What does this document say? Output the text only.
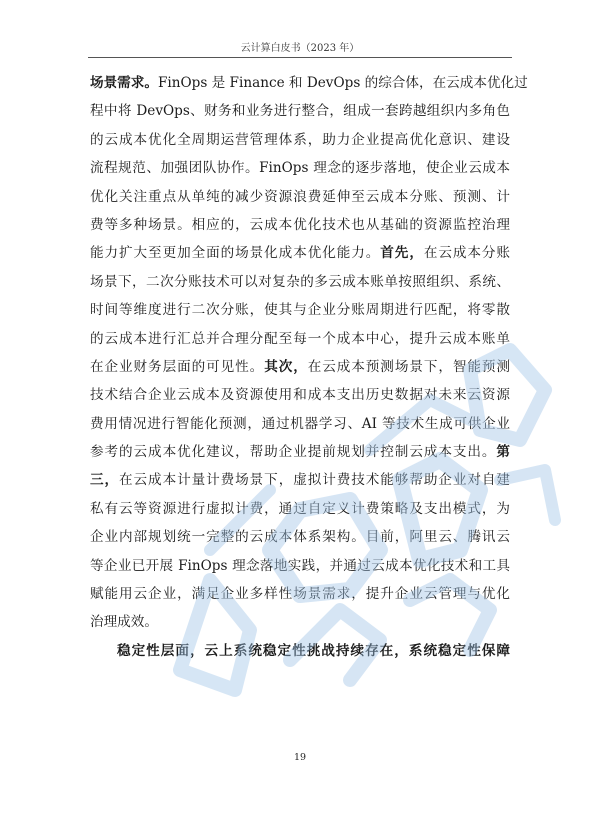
云计算白皮书（2023 年）
场景需求。FinOps 是 Finance 和 DevOps 的综合体，在云成本优化过
程中将 DevOps、财务和业务进行整合，组成一套跨越组织内多角色
的云成本优化全周期运营管理体系，助力企业提高优化意识、建设
流程规范、加强团队协作。FinOps 理念的逐步落地，使企业云成本
优化关注重点从单纯的减少资源浪费延伸至云成本分账、预测、计
费等多种场景。相应的，云成本优化技术也从基础的资源监控治理
能力扩大至更加全面的场景化成本优化能力。首先，在云成本分账
场景下，二次分账技术可以对复杂的多云成本账单按照组织、系统、
时间等维度进行二次分账，使其与企业分账周期进行匹配，将零散
的云成本进行汇总并合理分配至每一个成本中心，提升云成本账单
在企业财务层面的可见性。其次，在云成本预测场景下，智能预测
技术结合企业云成本及资源使用和成本支出历史数据对未来云资源
费用情况进行智能化预测，通过机器学习、AI 等技术生成可供企业
参考的云成本优化建议，帮助企业提前规划并控制云成本支出。第
三，在云成本计量计费场景下，虚拟计费技术能够帮助企业对自建
私有云等资源进行虚拟计费，通过自定义计费策略及支出模式，为
企业内部规划统一完整的云成本体系架构。目前，阿里云、腾讯云
等企业已开展 FinOps 理念落地实践，并通过云成本优化技术和工具
赋能用云企业，满足企业多样性场景需求，提升企业云管理与优化
治理成效。
稳定性层面，云上系统稳定性挑战持续存在，系统稳定性保障
19
